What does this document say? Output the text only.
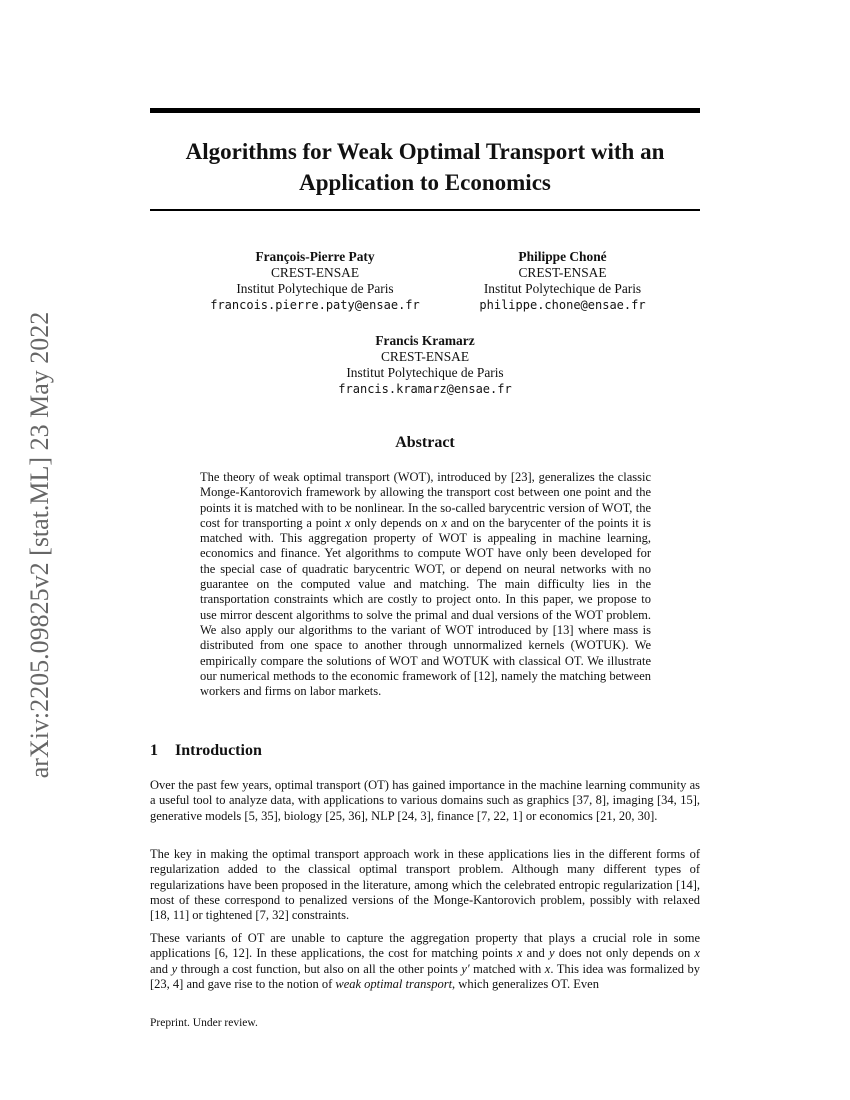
arXiv:2205.09825v2 [stat.ML] 23 May 2022
Algorithms for Weak Optimal Transport with an
Application to Economics
François-Pierre Paty
CREST-ENSAE
Institut Polytechique de Paris
francois.pierre.paty@ensae.fr
Philippe Choné
CREST-ENSAE
Institut Polytechique de Paris
philippe.chone@ensae.fr
Francis Kramarz
CREST-ENSAE
Institut Polytechique de Paris
francis.kramarz@ensae.fr
Abstract
The theory of weak optimal transport (WOT), introduced by [23], generalizes the classic Monge-Kantorovich framework by allowing the transport cost between one point and the points it is matched with to be nonlinear. In the so-called barycentric version of WOT, the cost for transporting a point x only depends on x and on the barycenter of the points it is matched with. This aggregation property of WOT is appealing in machine learning, economics and finance. Yet algorithms to compute WOT have only been developed for the special case of quadratic barycentric WOT, or depend on neural networks with no guarantee on the computed value and matching. The main difficulty lies in the transportation constraints which are costly to project onto. In this paper, we propose to use mirror descent algorithms to solve the primal and dual versions of the WOT problem. We also apply our algorithms to the variant of WOT introduced by [13] where mass is distributed from one space to another through unnormalized kernels (WOTUK). We empirically compare the solutions of WOT and WOTUK with classical OT. We illustrate our numerical methods to the economic framework of [12], namely the matching between workers and firms on labor markets.
1 Introduction

Over the past few years, optimal transport (OT) has gained importance in the machine learning community as a useful tool to analyze data, with applications to various domains such as graphics [37, 8], imaging [34, 15], generative models [5, 35], biology [25, 36], NLP [24, 3], finance [7, 22, 1] or economics [21, 20, 30].

The key in making the optimal transport approach work in these applications lies in the different forms of regularization added to the classical optimal transport problem. Although many different types of regularizations have been proposed in the literature, among which the celebrated entropic regularization [14], most of these correspond to penalized versions of the Monge-Kantorovich problem, possibly with relaxed [18, 11] or tightened [7, 32] constraints.

These variants of OT are unable to capture the aggregation property that plays a crucial role in some applications [6, 12]. In these applications, the cost for matching points x and y does not only depends on x and y through a cost function, but also on all the other points y′ matched with x. This idea was formalized by [23, 4] and gave rise to the notion of weak optimal transport, which generalizes OT. Even

Preprint. Under review.
